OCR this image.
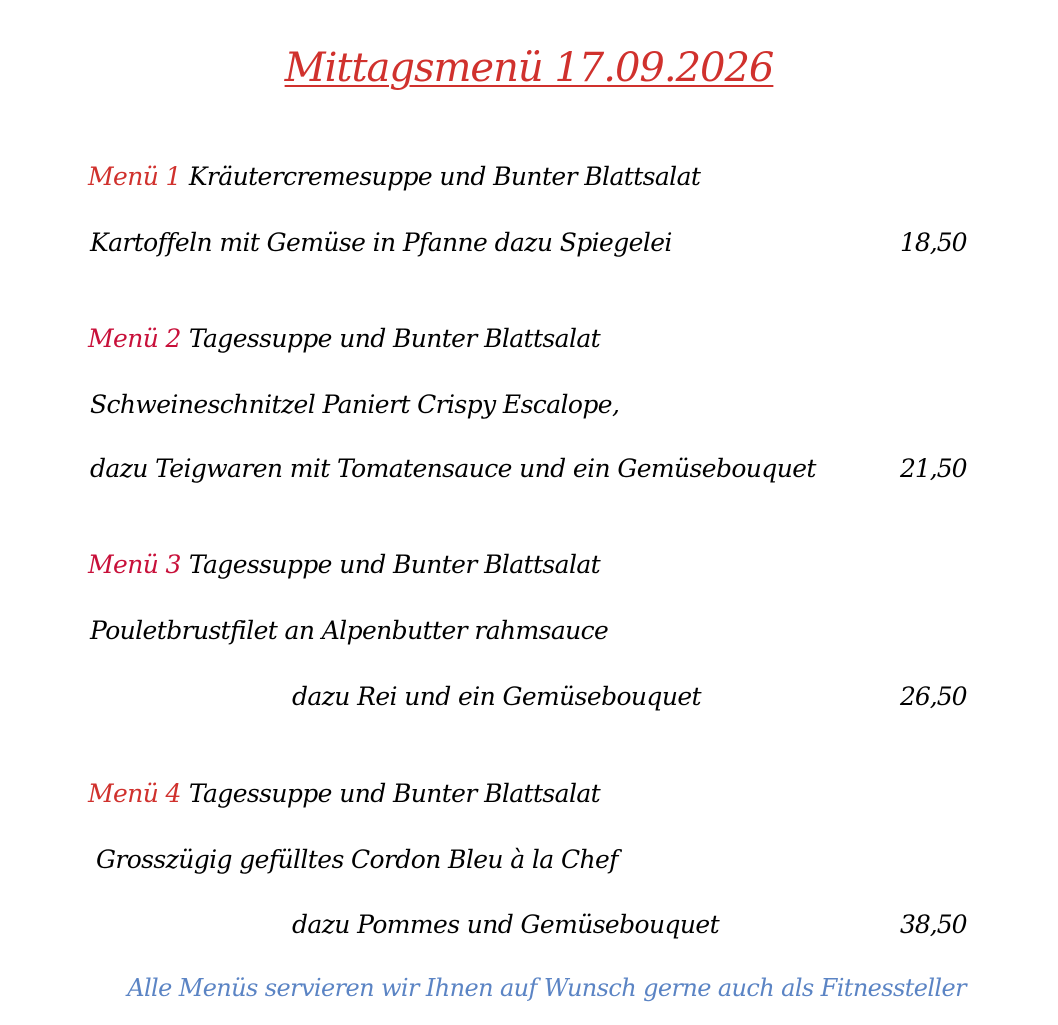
Mittagsmenü 17.09.2026
Menü 1 Kräutercremesuppe und Bunter Blattsalat
Kartoffeln mit Gemüse in Pfanne dazu Spiegelei	18,50
Menü 2 Tagessuppe und Bunter Blattsalat
Schweineschnitzel Paniert Crispy Escalope,
dazu Teigwaren mit Tomatensauce und ein Gemüsebouquet	21,50
Menü 3 Tagessuppe und Bunter Blattsalat
Pouletbrustfilet an Alpenbutter rahmsauce
dazu Rei und ein Gemüsebouquet	26,50
Menü 4 Tagessuppe und Bunter Blattsalat
Grosszügig gefülltes Cordon Bleu à la Chef
dazu Pommes und Gemüsebouquet	38,50
Alle Menüs servieren wir Ihnen auf Wunsch gerne auch als Fitnessteller
